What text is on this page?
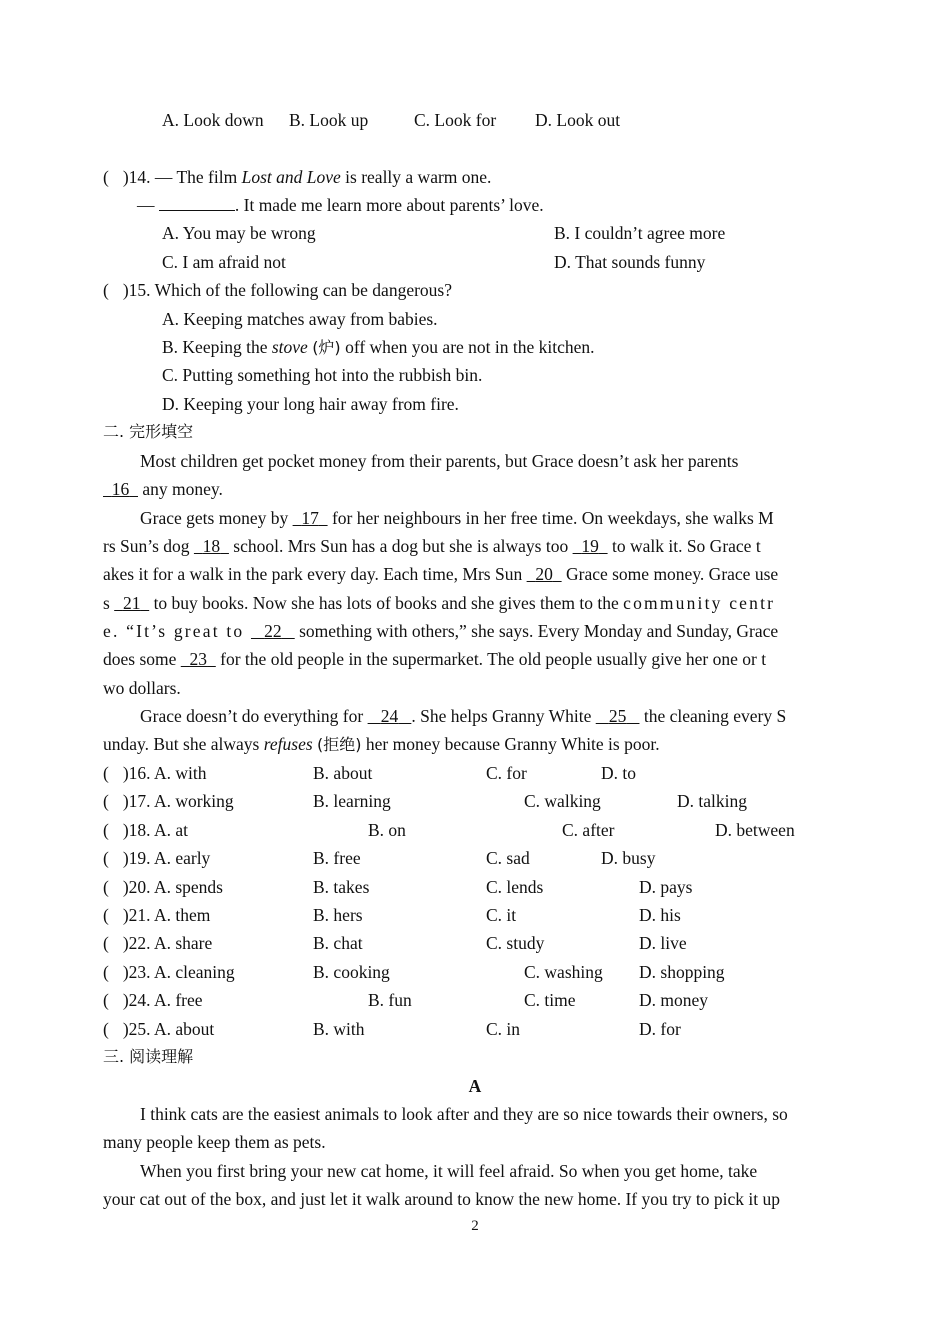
A. Look down B. Look up	C. Look for D. Look out
( )14. — The film Lost and Love is really a warm one.
—	. It made me learn more about parents’ love.
A. You may be wrong	B. I couldn’t agree more
C. I am afraid not	D. That sounds funny
( )15. Which of the following can be dangerous?
A. Keeping matches away from babies.
B. Keeping the stove (炉) off when you are not in the kitchen.
C. Putting something hot into the rubbish bin.
D. Keeping your long hair away from fire.
二. 完形填空
Most children get pocket money from their parents, but Grace doesn’t ask her parents
16   any money.
Grace gets money by   17   for her neighbours in her free time. On weekdays, she walks M
rs Sun’s dog   18   school. Mrs Sun has a dog but she is always too   19   to walk it. So Grace t
akes it for a walk in the park every day. Each time, Mrs Sun   20   Grace some money. Grace use
s   21   to buy books. Now she has lots of books and she gives them to the community centr
e. “It’s great to    22    something with others,” she says. Every Monday and Sunday, Grace
does some   23   for the old people in the supermarket. The old people usually give her one or t
wo dollars.
Grace doesn’t do everything for    24 . She helps Granny White    25    the cleaning every S
unday. But she always refuses (拒绝) her money because Granny White is poor.
( )16. A. with	B. about	C. for	D. to
( )17. A. working	B. learning	C. walking	D. talking
( )18. A. at	B. on	C. after	D. between
( )19. A. early	B. free	C. sad	D. busy
( )20. A. spends	B. takes	C. lends	D. pays
( )21. A. them	B. hers	C. it	D. his
( )22. A. share	B. chat	C. study	D. live
( )23. A. cleaning	B. cooking	C. washing D. shopping
( )24. A. free	B. fun	C. time	D. money
( )25. A. about	B. with	C. in	D. for
三. 阅读理解
A
I think cats are the easiest animals to look after and they are so nice towards their owners, so
many people keep them as pets.
When you first bring your new cat home, it will feel afraid. So when you get home, take
your cat out of the box, and just let it walk around to know the new home. If you try to pick it up
2
